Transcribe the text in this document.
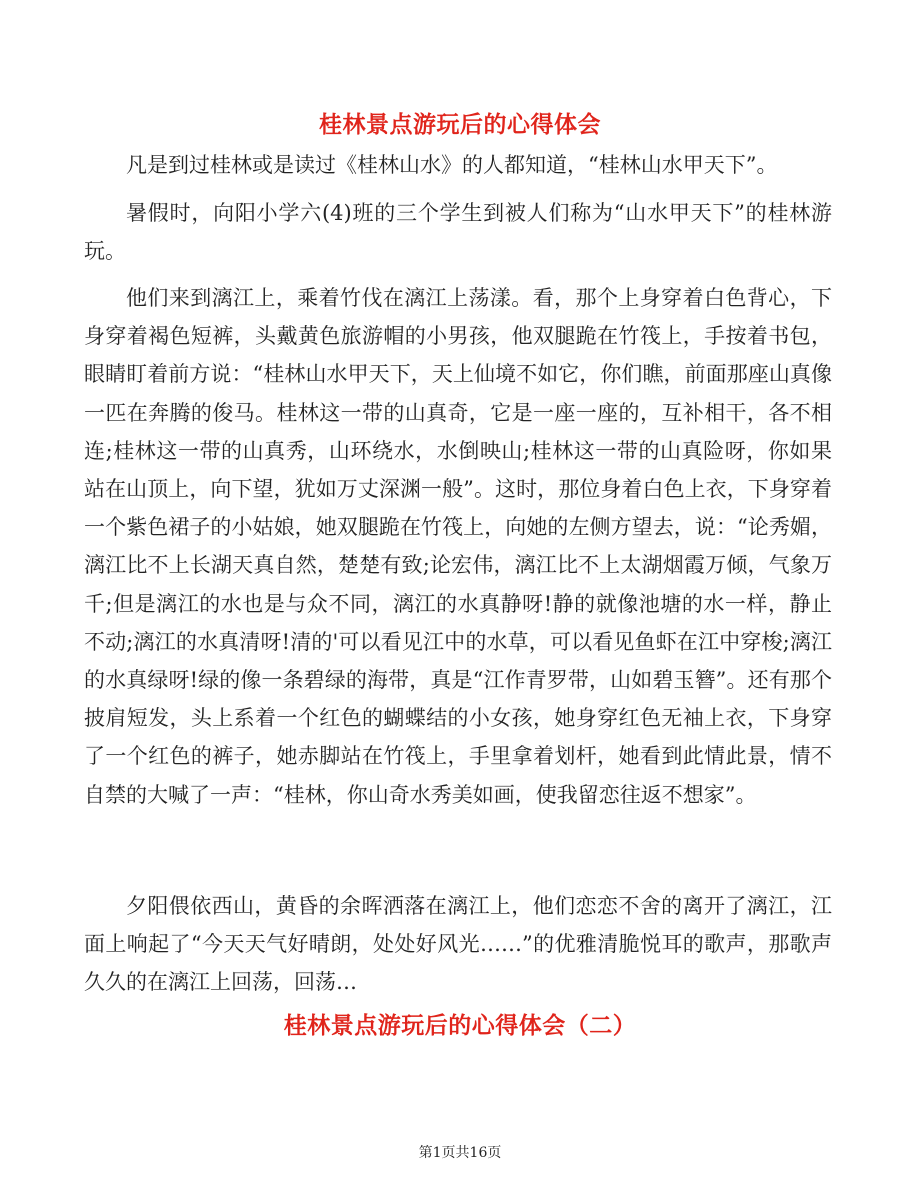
桂林景点游玩后的心得体会

凡是到过桂林或是读过《桂林山水》的人都知道，“桂林山水甲天下”。

暑假时，向阳小学六(4)班的三个学生到被人们称为“山水甲天下”的桂林游玩。

他们来到漓江上，乘着竹伐在漓江上荡漾。看，那个上身穿着白色背心，下身穿着褐色短裤，头戴黄色旅游帽的小男孩，他双腿跪在竹筏上，手按着书包，眼睛盯着前方说：“桂林山水甲天下，天上仙境不如它，你们瞧，前面那座山真像一匹在奔腾的俊马。桂林这一带的山真奇，它是一座一座的，互补相干，各不相连;桂林这一带的山真秀，山环绕水，水倒映山;桂林这一带的山真险呀，你如果站在山顶上，向下望，犹如万丈深渊一般”。这时，那位身着白色上衣，下身穿着一个紫色裙子的小姑娘，她双腿跪在竹筏上，向她的左侧方望去，说：“论秀媚，漓江比不上长湖天真自然，楚楚有致;论宏伟，漓江比不上太湖烟霞万倾，气象万千;但是漓江的水也是与众不同，漓江的水真静呀!静的就像池塘的水一样，静止不动;漓江的水真清呀!清的'可以看见江中的水草，可以看见鱼虾在江中穿梭;漓江的水真绿呀!绿的像一条碧绿的海带，真是“江作青罗带，山如碧玉簪”。还有那个披肩短发，头上系着一个红色的蝴蝶结的小女孩，她身穿红色无袖上衣，下身穿了一个红色的裤子，她赤脚站在竹筏上，手里拿着划杆，她看到此情此景，情不自禁的大喊了一声：“桂林，你山奇水秀美如画，使我留恋往返不想家”。

夕阳偎依西山，黄昏的余晖洒落在漓江上，他们恋恋不舍的离开了漓江，江面上响起了“今天天气好晴朗，处处好风光……”的优雅清脆悦耳的歌声，那歌声久久的在漓江上回荡，回荡…

桂林景点游玩后的心得体会（二）
第1页共16页
